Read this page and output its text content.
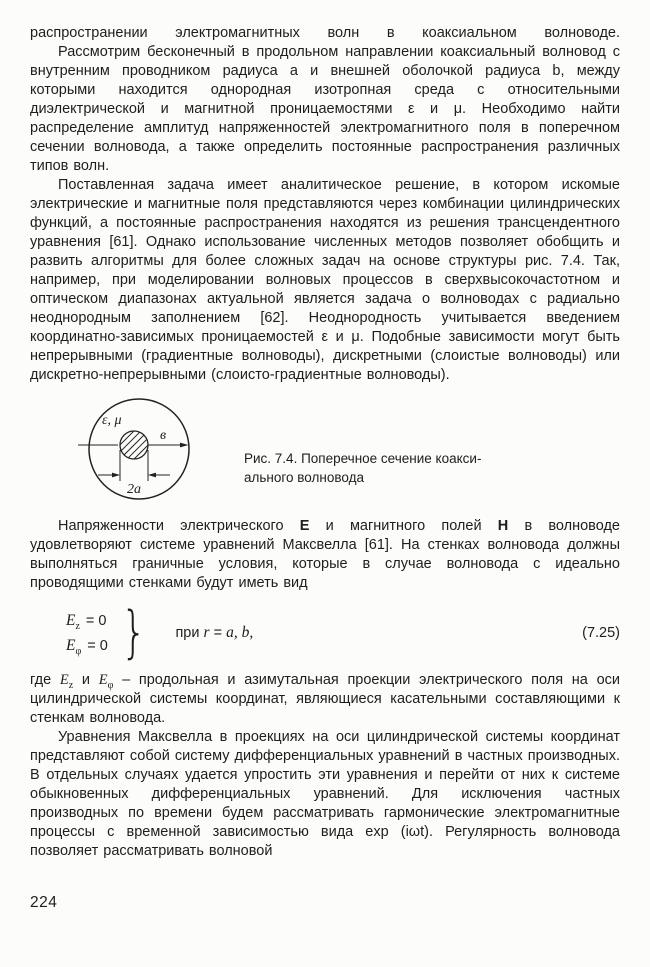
распространении электромагнитных волн в коаксиальном волноводе.

Рассмотрим бесконечный в продольном направлении коаксиальный волновод с внутренним проводником радиуса a и внешней оболочкой радиуса b, между которыми находится однородная изотропная среда с относительными диэлектрической и магнитной проницаемостями ε и μ. Необходимо найти распределение амплитуд напряженностей электромагнитного поля в поперечном сечении волновода, а также определить постоянные распространения различных типов волн.

Поставленная задача имеет аналитическое решение, в котором искомые электрические и магнитные поля представляются через комбинации цилиндрических функций, а постоянные распространения находятся из решения трансцендентного уравнения [61]. Однако использование численных методов позволяет обобщить и развить алгоритмы для более сложных задач на основе структуры рис. 7.4. Так, например, при моделировании волновых процессов в сверхвысокочастотном и оптическом диапазонах актуальной является задача о волноводах с радиально неоднородным заполнением [62]. Неоднородность учитывается введением координатно-зависимых проницаемостей ε и μ. Подобные зависимости могут быть непрерывными (градиентные волноводы), дискретными (слоистые волноводы) или дискретно-непрерывными (слоисто-градиентные волноводы).

ε, μ
в
2a
Рис. 7.4. Поперечное сечение коакси-
ального волновода

Напряженности электрического Е и магнитного полей Н в волноводе удовлетворяют системе уравнений Максвелла [61]. На стенках волновода должны выполняться граничные условия, которые в случае волновода с идеально проводящими стенками будут иметь вид

$E_z = 0$
$E_\varphi = 0$ } при r = a, b,	(7.25)

где $E_z$ и $E_\varphi$ – продольная и азимутальная проекции электрического поля на оси цилиндрической системы координат, являющиеся касательными составляющими к стенкам волновода.

Уравнения Максвелла в проекциях на оси цилиндрической системы координат представляют собой систему дифференциальных уравнений в частных производных. В отдельных случаях удается упростить эти уравнения и перейти от них к системе обыкновенных дифференциальных уравнений. Для исключения частных производных по времени будем рассматривать гармонические электромагнитные процессы с временной зависимостью вида exp (iωt). Регулярность волновода позволяет рассматривать волновой

224
